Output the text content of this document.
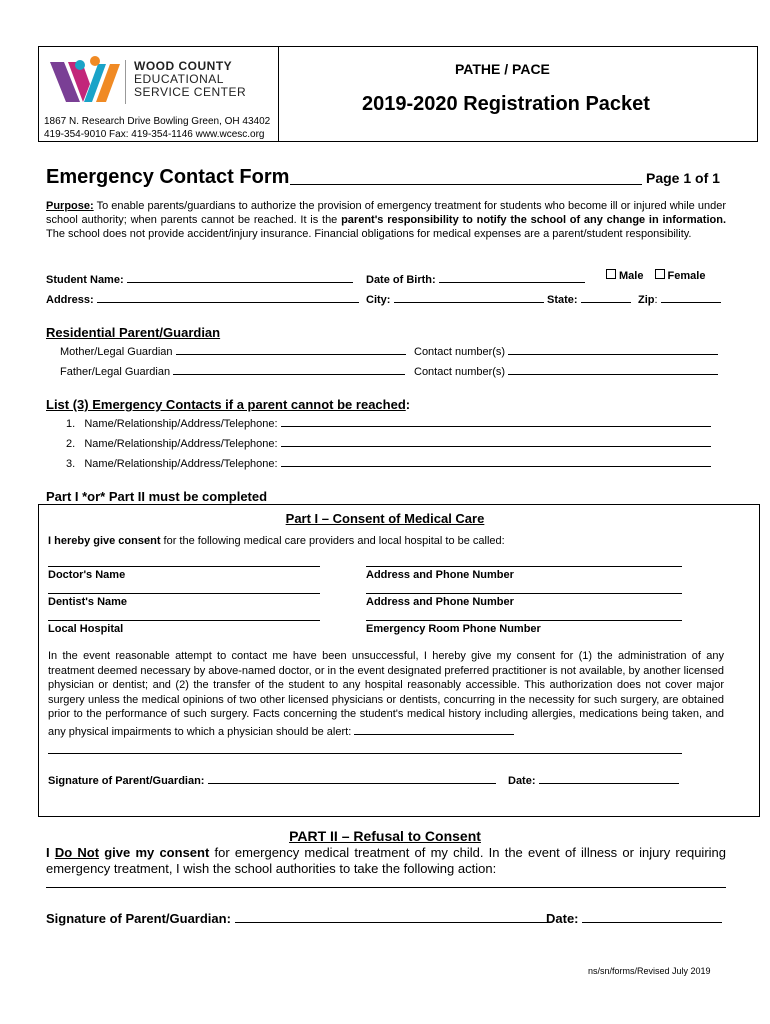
WOOD COUNTY
EDUCATIONAL
SERVICE CENTER
1867 N. Research Drive Bowling Green, OH 43402
419-354-9010 Fax: 419-354-1146 www.wcesc.org
PATHE / PACE
2019-2020 Registration Packet
Emergency Contact Form	Page 1 of 1
Purpose: To enable parents/guardians to authorize the provision of emergency treatment for students who become ill or injured while under school authority; when parents cannot be reached. It is the parent's responsibility to notify the school of any change in information. The school does not provide accident/injury insurance. Financial obligations for medical expenses are a parent/student responsibility.
Student Name:	Date of Birth:	Male Female
Address:	City:	State:	Zip:
Residential Parent/Guardian
Mother/Legal Guardian	Contact number(s)
Father/Legal Guardian	Contact number(s)
List (3) Emergency Contacts if a parent cannot be reached:
1. Name/Relationship/Address/Telephone:
2. Name/Relationship/Address/Telephone:
3. Name/Relationship/Address/Telephone:
Part I *or* Part II must be completed
Part I – Consent of Medical Care
I hereby give consent for the following medical care providers and local hospital to be called:
Doctor's Name	Address and Phone Number
Dentist's Name	Address and Phone Number
Local Hospital	Emergency Room Phone Number
In the event reasonable attempt to contact me have been unsuccessful, I hereby give my consent for (1) the administration of any treatment deemed necessary by above-named doctor, or in the event designated preferred practitioner is not available, by another licensed physician or dentist; and (2) the transfer of the student to any hospital reasonably accessible. This authorization does not cover major surgery unless the medical opinions of two other licensed physicians or dentists, concurring in the necessity for such surgery, are obtained prior to the performance of such surgery. Facts concerning the student's medical history including allergies, medications being taken, and any physical impairments to which a physician should be alert:
Signature of Parent/Guardian:	Date:
PART II – Refusal to Consent
I Do Not give my consent for emergency medical treatment of my child. In the event of illness or injury requiring emergency treatment, I wish the school authorities to take the following action:
Signature of Parent/Guardian:	Date:
ns/sn/forms/Revised July 2019
